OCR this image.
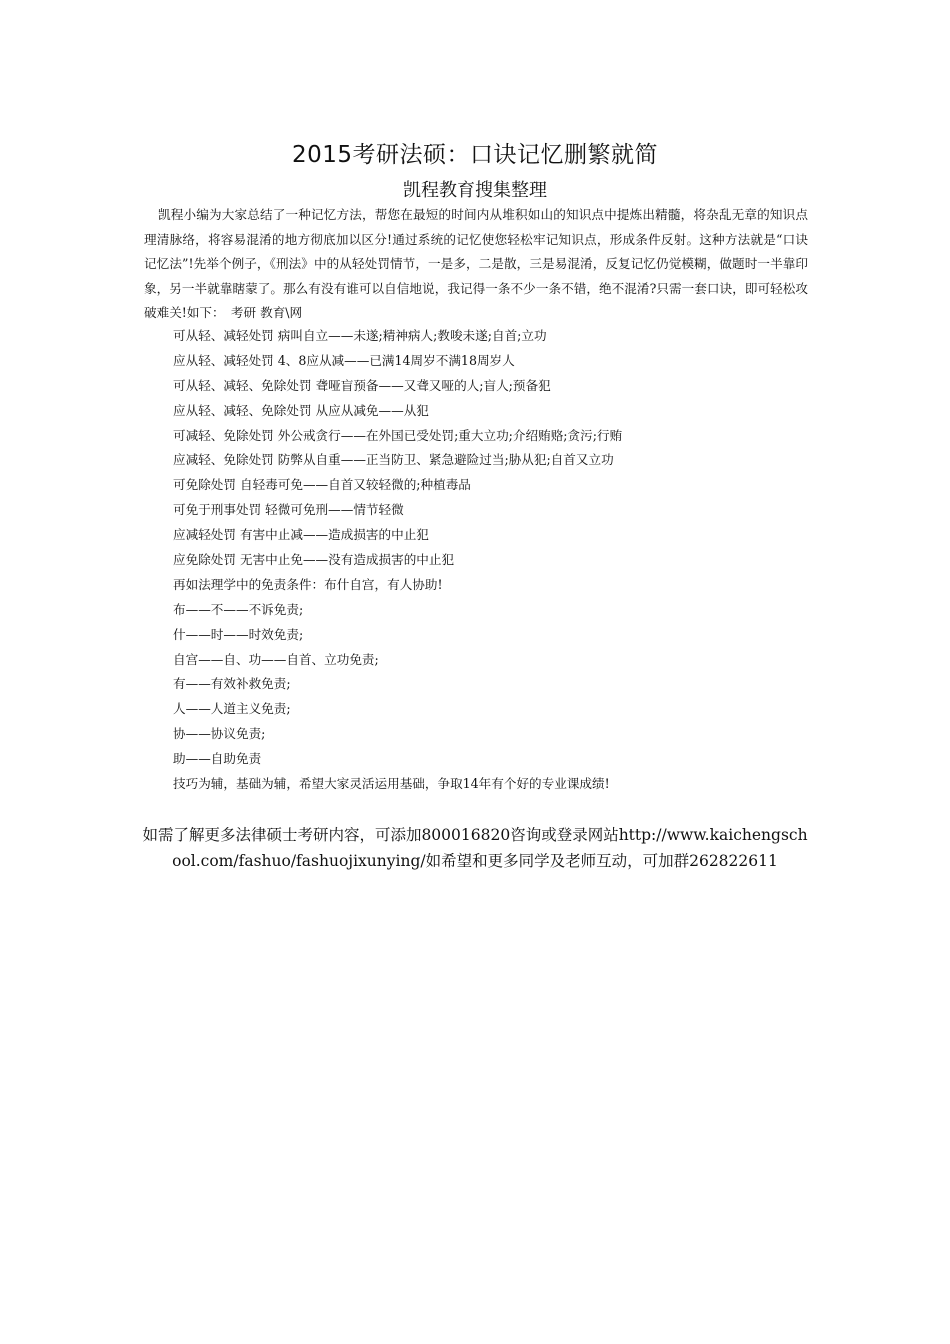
2015考研法硕：口诀记忆删繁就简
凯程教育搜集整理

凯程小编为大家总结了一种记忆方法，帮您在最短的时间内从堆积如山的知识点中提炼出精髓，将杂乱无章的知识点理清脉络，将容易混淆的地方彻底加以区分!通过系统的记忆使您轻松牢记知识点，形成条件反射。这种方法就是“口诀记忆法”!先举个例子，《刑法》中的从轻处罚情节，一是多，二是散，三是易混淆，反复记忆仍觉模糊，做题时一半靠印象，另一半就靠瞎蒙了。那么有没有谁可以自信地说，我记得一条不少一条不错，绝不混淆?只需一套口诀，即可轻松攻破难关!如下：　考研 教育\网

可从轻、减轻处罚 病叫自立——未遂;精神病人;教唆未遂;自首;立功
应从轻、减轻处罚 4、8应从减——已满14周岁不满18周岁人
可从轻、减轻、免除处罚 聋哑盲预备——又聋又哑的人;盲人;预备犯
应从轻、减轻、免除处罚 从应从减免——从犯
可减轻、免除处罚 外公戒贪行——在外国已受处罚;重大立功;介绍贿赂;贪污;行贿
应减轻、免除处罚 防弊从自重——正当防卫、紧急避险过当;胁从犯;自首又立功
可免除处罚 自轻毒可免——自首又较轻微的;种植毒品
可免于刑事处罚 轻微可免刑——情节轻微
应减轻处罚 有害中止减——造成损害的中止犯
应免除处罚 无害中止免——没有造成损害的中止犯
再如法理学中的免责条件：布什自宫，有人协助!
布——不——不诉免责;
什——时——时效免责;
自宫——自、功——自首、立功免责;
有——有效补救免责;
人——人道主义免责;
协——协议免责;
助——自助免责
技巧为辅，基础为辅，希望大家灵活运用基础，争取14年有个好的专业课成绩!

如需了解更多法律硕士考研内容，可添加800016820咨询或登录网站http://www.kaichengschool.com/fashuo/fashuojixunying/如希望和更多同学及老师互动，可加群262822611
